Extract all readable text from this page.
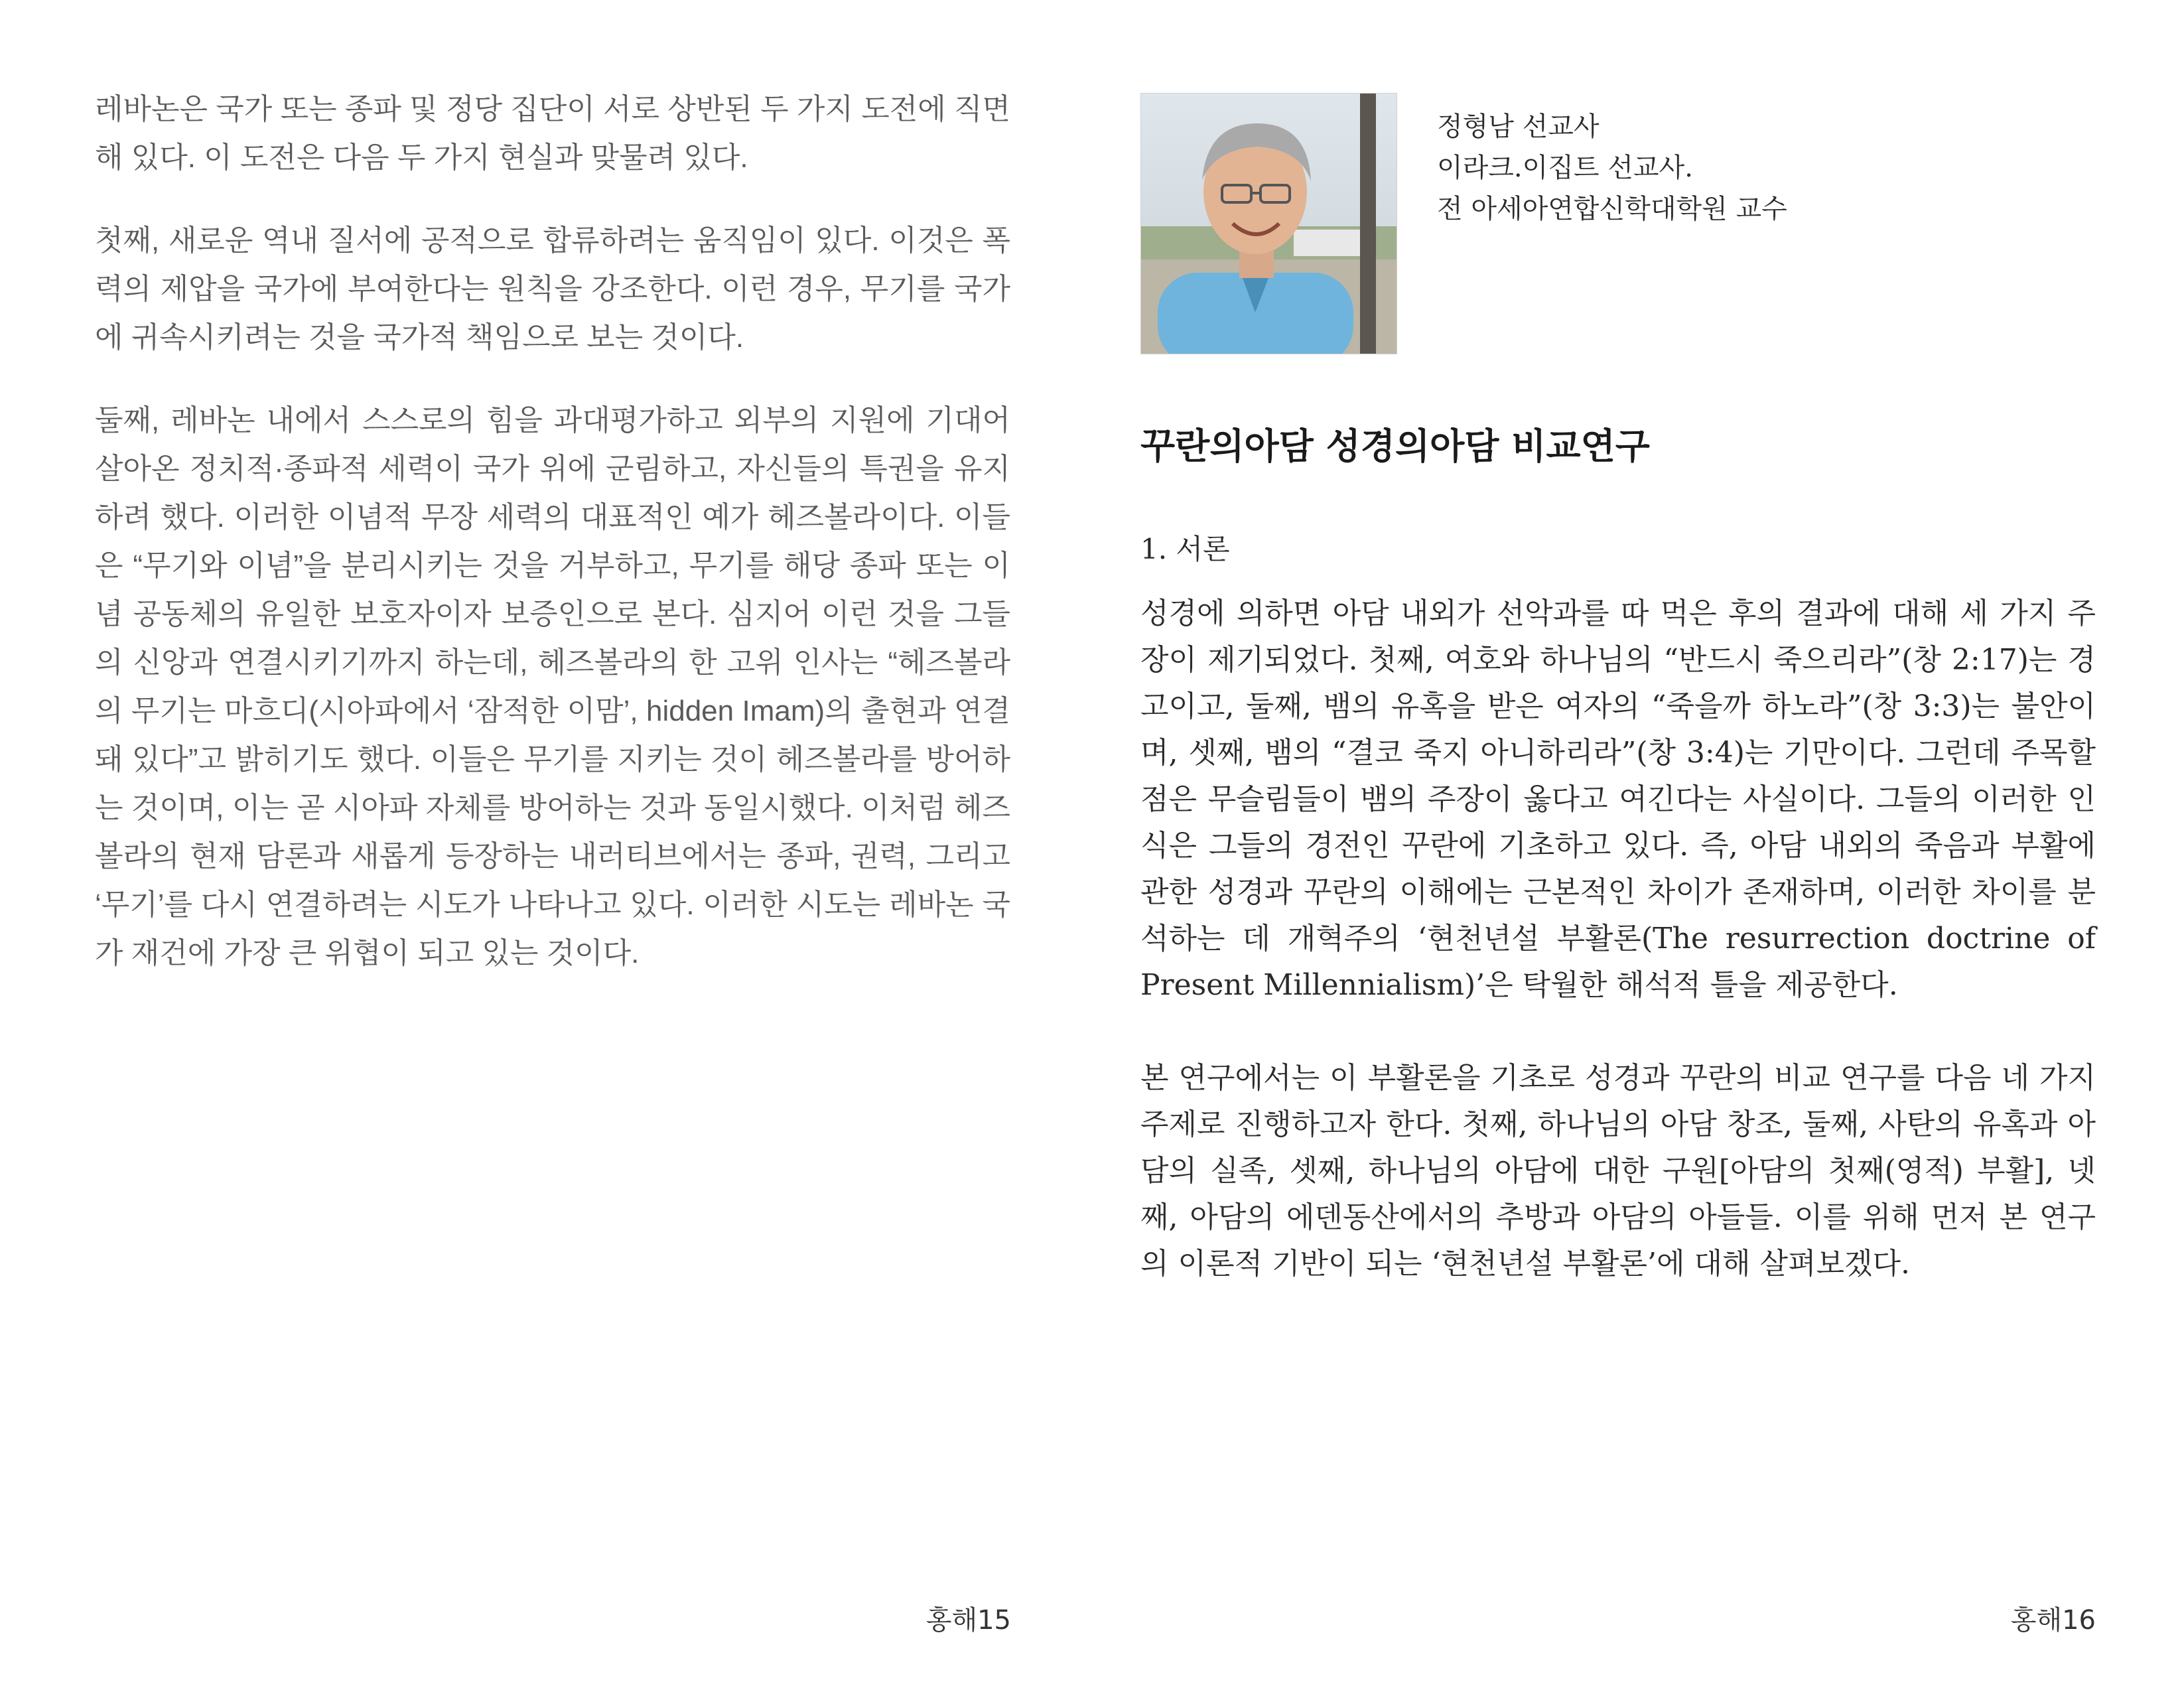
레바논은 국가 또는 종파 및 정당 집단이 서로 상반된 두 가지 도전에 직면해 있다. 이 도전은 다음 두 가지 현실과 맞물려 있다.

첫째, 새로운 역내 질서에 공적으로 합류하려는 움직임이 있다. 이것은 폭력의 제압을 국가에 부여한다는 원칙을 강조한다. 이런 경우, 무기를 국가에 귀속시키려는 것을 국가적 책임으로 보는 것이다.

둘째, 레바논 내에서 스스로의 힘을 과대평가하고 외부의 지원에 기대어 살아온 정치적·종파적 세력이 국가 위에 군림하고, 자신들의 특권을 유지하려 했다. 이러한 이념적 무장 세력의 대표적인 예가 헤즈볼라이다. 이들은 “무기와 이념”을 분리시키는 것을 거부하고, 무기를 해당 종파 또는 이념 공동체의 유일한 보호자이자 보증인으로 본다. 심지어 이런 것을 그들의 신앙과 연결시키기까지 하는데, 헤즈볼라의 한 고위 인사는 “헤즈볼라의 무기는 마흐디(시아파에서 ‘잠적한 이맘’, hidden Imam)의 출현과 연결돼 있다”고 밝히기도 했다. 이들은 무기를 지키는 것이 헤즈볼라를 방어하는 것이며, 이는 곧 시아파 자체를 방어하는 것과 동일시했다. 이처럼 헤즈볼라의 현재 담론과 새롭게 등장하는 내러티브에서는 종파, 권력, 그리고 ‘무기’를 다시 연결하려는 시도가 나타나고 있다. 이러한 시도는 레바논 국가 재건에 가장 큰 위협이 되고 있는 것이다.

홍해15
정형남 선교사
이라크.이집트 선교사.
전 아세아연합신학대학원 교수
꾸란의아담 성경의아담 비교연구
1. 서론

성경에 의하면 아담 내외가 선악과를 따 먹은 후의 결과에 대해 세 가지 주장이 제기되었다. 첫째, 여호와 하나님의 “반드시 죽으리라”(창 2:17)는 경고이고, 둘째, 뱀의 유혹을 받은 여자의 “죽을까 하노라”(창 3:3)는 불안이며, 셋째, 뱀의 “결코 죽지 아니하리라”(창 3:4)는 기만이다. 그런데 주목할 점은 무슬림들이 뱀의 주장이 옳다고 여긴다는 사실이다. 그들의 이러한 인식은 그들의 경전인 꾸란에 기초하고 있다. 즉, 아담 내외의 죽음과 부활에 관한 성경과 꾸란의 이해에는 근본적인 차이가 존재하며, 이러한 차이를 분석하는 데 개혁주의 ‘현천년설 부활론(The resurrection doctrine of Present Millennialism)’은 탁월한 해석적 틀을 제공한다.

본 연구에서는 이 부활론을 기초로 성경과 꾸란의 비교 연구를 다음 네 가지 주제로 진행하고자 한다. 첫째, 하나님의 아담 창조, 둘째, 사탄의 유혹과 아담의 실족, 셋째, 하나님의 아담에 대한 구원[아담의 첫째(영적) 부활], 넷째, 아담의 에덴동산에서의 추방과 아담의 아들들. 이를 위해 먼저 본 연구의 이론적 기반이 되는 ‘현천년설 부활론’에 대해 살펴보겠다.

홍해16
